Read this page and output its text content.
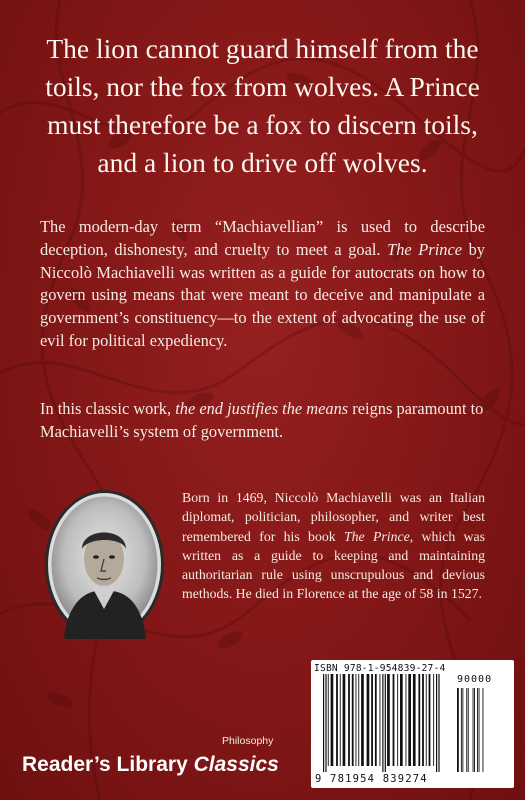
The lion cannot guard himself from the
toils, nor the fox from wolves. A Prince
must therefore be a fox to discern toils,
and a lion to drive off wolves.

The modern-day term “Machiavellian” is used to describe deception, dishonesty, and cruelty to meet a goal. The Prince by Niccolò Machiavelli was written as a guide for autocrats on how to govern using means that were meant to deceive and manipulate a government’s constituency—to the extent of advocating the use of evil for political expediency.

In this classic work, the end justifies the means reigns paramount to Machiavelli’s system of government.

Born in 1469, Niccolò Machiavelli was an Italian diplomat, politician, philosopher, and writer best remembered for his book The Prince, which was written as a guide to keeping and maintaining authoritarian rule using unscrupulous and devious methods. He died in Florence at the age of 58 in 1527.

ISBN 978-1-954839-27-4
90000
9 781954 839274
Philosophy
Reader’s Library Classics
